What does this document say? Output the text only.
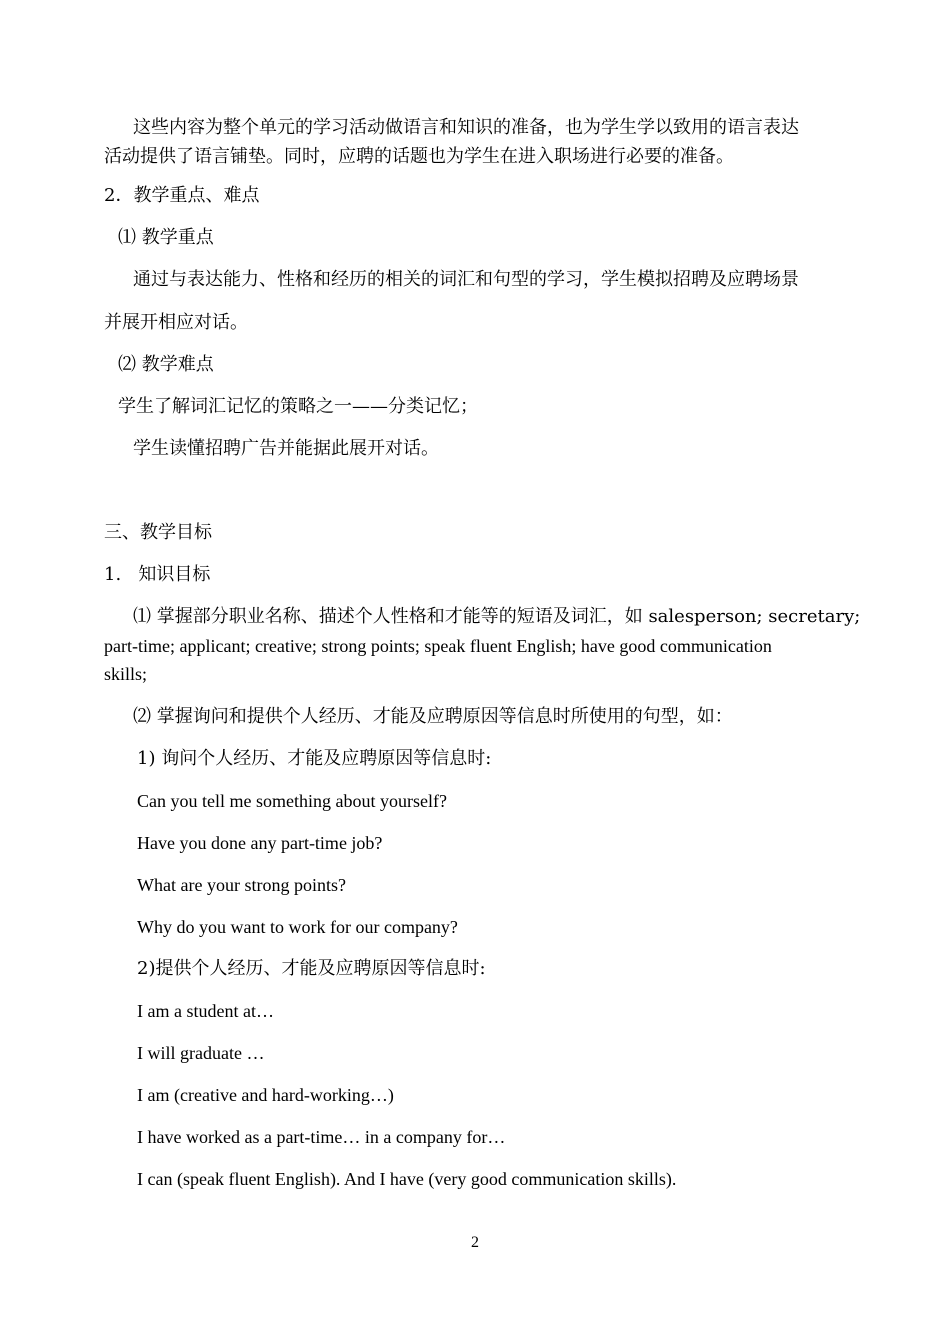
这些内容为整个单元的学习活动做语言和知识的准备，也为学生学以致用的语言表达
活动提供了语言铺垫。同时，应聘的话题也为学生在进入职场进行必要的准备。
2．教学重点、难点
⑴ 教学重点
通过与表达能力、性格和经历的相关的词汇和句型的学习，学生模拟招聘及应聘场景
并展开相应对话。
⑵ 教学难点
学生了解词汇记忆的策略之一——分类记忆；
学生读懂招聘广告并能据此展开对话。
三、教学目标
1.   知识目标
⑴ 掌握部分职业名称、描述个人性格和才能等的短语及词汇，如 salesperson; secretary;
part-time; applicant; creative; strong points; speak fluent English; have good communication
skills;
⑵ 掌握询问和提供个人经历、才能及应聘原因等信息时所使用的句型，如：
1) 询问个人经历、才能及应聘原因等信息时:
Can you tell me something about yourself?
Have you done any part-time job?
What are your strong points?
Why do you want to work for our company?
2)提供个人经历、才能及应聘原因等信息时:
I am a student at…
I will graduate …
I am (creative and hard-working…)
I have worked as a part-time… in a company for…
I can (speak fluent English). And I have (very good communication skills).
2
